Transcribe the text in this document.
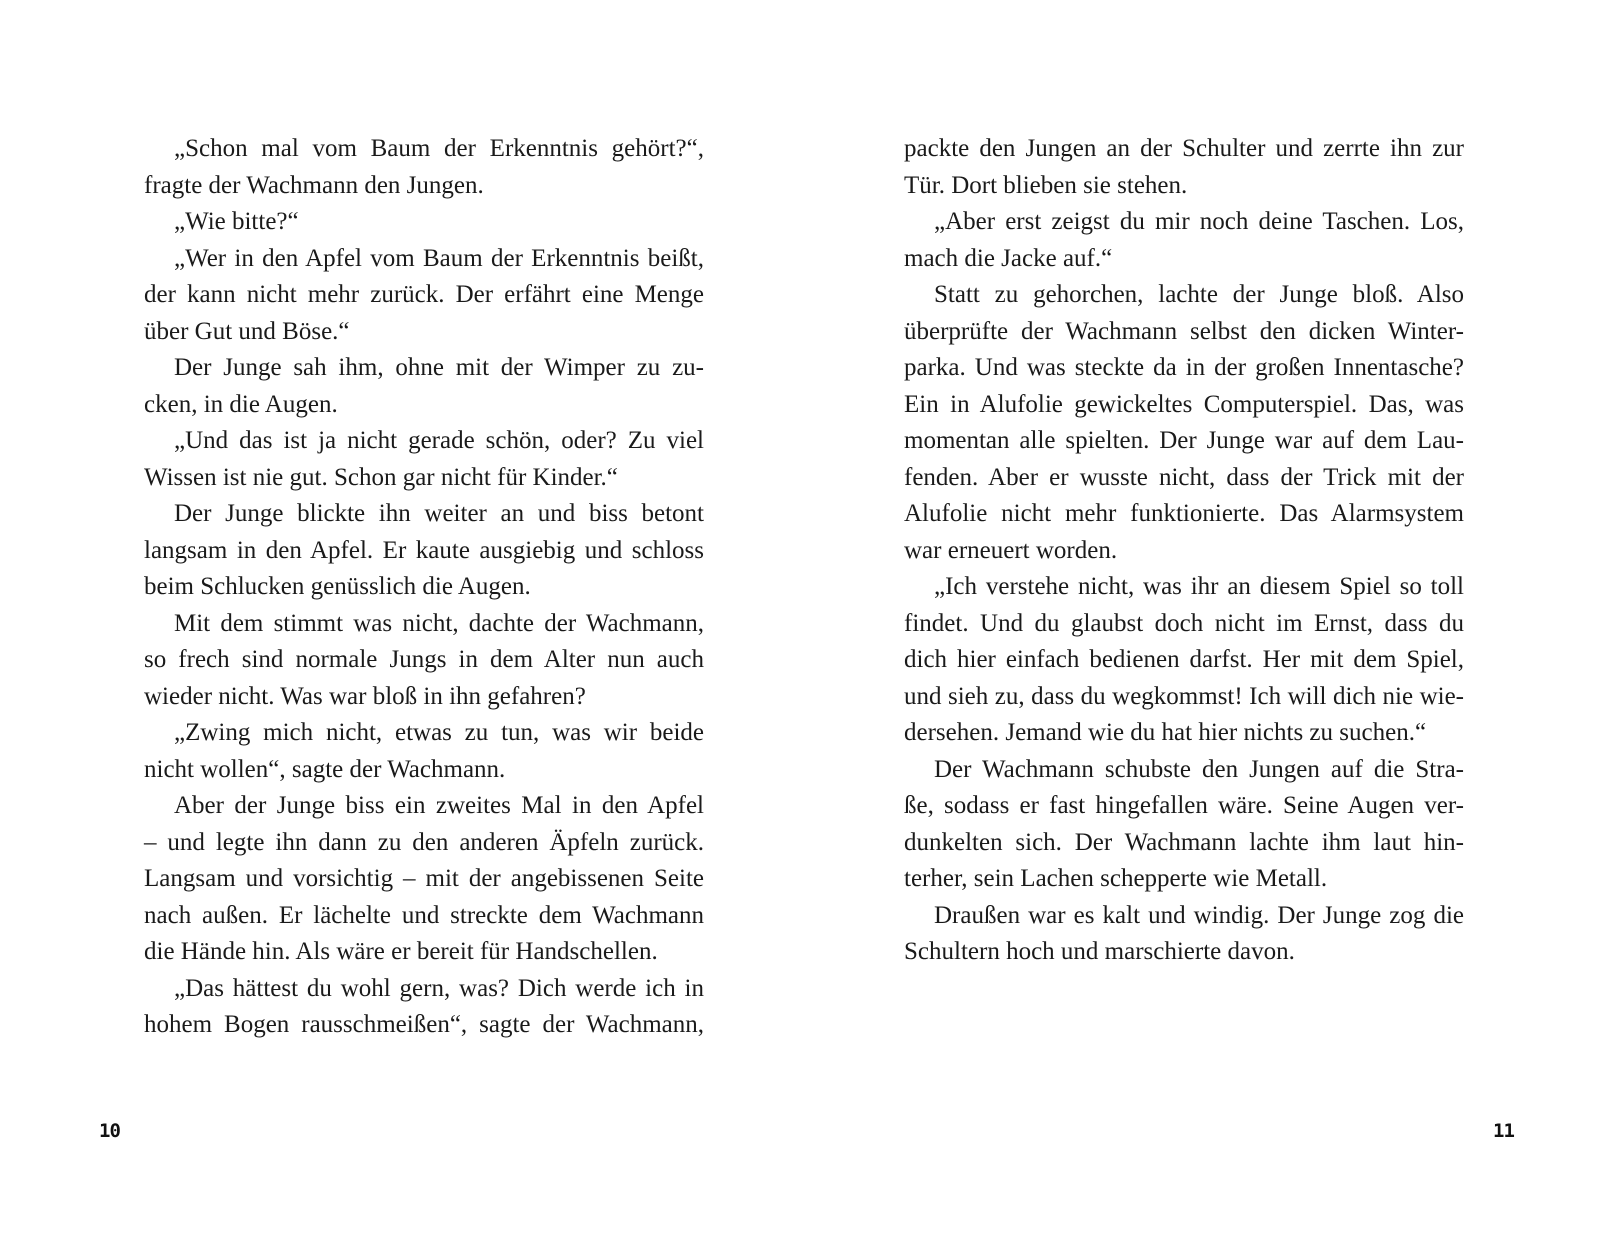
„Schon mal vom Baum der Erkenntnis gehört?“,
fragte der Wachmann den Jungen.
„Wie bitte?“
„Wer in den Apfel vom Baum der Erkenntnis beißt,
der kann nicht mehr zurück. Der erfährt eine Menge
über Gut und Böse.“
Der Junge sah ihm, ohne mit der Wimper zu zu-
cken, in die Augen.
„Und das ist ja nicht gerade schön, oder? Zu viel
Wissen ist nie gut. Schon gar nicht für Kinder.“
Der Junge blickte ihn weiter an und biss betont
langsam in den Apfel. Er kaute ausgiebig und schloss
beim Schlucken genüsslich die Augen.
Mit dem stimmt was nicht, dachte der Wachmann,
so frech sind normale Jungs in dem Alter nun auch
wieder nicht. Was war bloß in ihn gefahren?
„Zwing mich nicht, etwas zu tun, was wir beide
nicht wollen“, sagte der Wachmann.
Aber der Junge biss ein zweites Mal in den Apfel
– und legte ihn dann zu den anderen Äpfeln zurück.
Langsam und vorsichtig – mit der angebissenen Seite
nach außen. Er lächelte und streckte dem Wachmann
die Hände hin. Als wäre er bereit für Handschellen.
„Das hättest du wohl gern, was? Dich werde ich in
hohem Bogen rausschmeißen“, sagte der Wachmann,
10
packte den Jungen an der Schulter und zerrte ihn zur
Tür. Dort blieben sie stehen.
„Aber erst zeigst du mir noch deine Taschen. Los,
mach die Jacke auf.“
Statt zu gehorchen, lachte der Junge bloß. Also
überprüfte der Wachmann selbst den dicken Winter-
parka. Und was steckte da in der großen Innentasche?
Ein in Alufolie gewickeltes Computerspiel. Das, was
momentan alle spielten. Der Junge war auf dem Lau-
fenden. Aber er wusste nicht, dass der Trick mit der
Alufolie nicht mehr funktionierte. Das Alarmsystem
war erneuert worden.
„Ich verstehe nicht, was ihr an diesem Spiel so toll
findet. Und du glaubst doch nicht im Ernst, dass du
dich hier einfach bedienen darfst. Her mit dem Spiel,
und sieh zu, dass du wegkommst! Ich will dich nie wie-
dersehen. Jemand wie du hat hier nichts zu suchen.“
Der Wachmann schubste den Jungen auf die Stra-
ße, sodass er fast hingefallen wäre. Seine Augen ver-
dunkelten sich. Der Wachmann lachte ihm laut hin-
terher, sein Lachen schepperte wie Metall.
Draußen war es kalt und windig. Der Junge zog die
Schultern hoch und marschierte davon.
11
